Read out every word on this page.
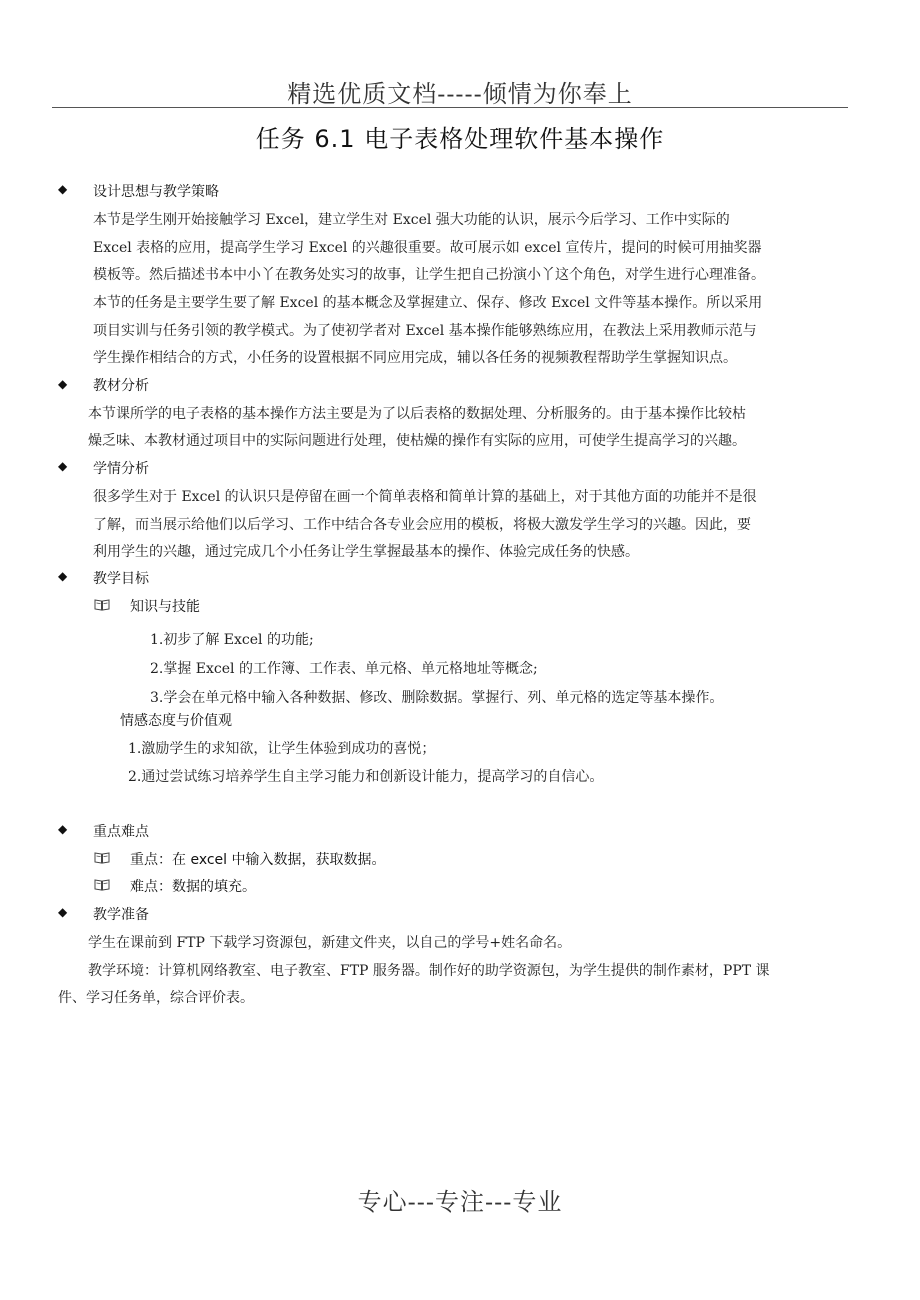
精选优质文档-----倾情为你奉上
任务 6.1 电子表格处理软件基本操作
◆ 设计思想与教学策略
本节是学生刚开始接触学习 Excel，建立学生对 Excel 强大功能的认识，展示今后学习、工作中实际的
Excel 表格的应用，提高学生学习 Excel 的兴趣很重要。故可展示如 excel 宣传片，提问的时候可用抽奖器
模板等。然后描述书本中小丫在教务处实习的故事，让学生把自己扮演小丫这个角色，对学生进行心理准备。
本节的任务是主要学生要了解 Excel 的基本概念及掌握建立、保存、修改 Excel 文件等基本操作。所以采用
项目实训与任务引领的教学模式。为了使初学者对 Excel 基本操作能够熟练应用，在教法上采用教师示范与
学生操作相结合的方式，小任务的设置根据不同应用完成，辅以各任务的视频教程帮助学生掌握知识点。
◆ 教材分析
本节课所学的电子表格的基本操作方法主要是为了以后表格的数据处理、分析服务的。由于基本操作比较枯
燥乏味、本教材通过项目中的实际问题进行处理，使枯燥的操作有实际的应用，可使学生提高学习的兴趣。
◆ 学情分析
很多学生对于 Excel 的认识只是停留在画一个简单表格和简单计算的基础上，对于其他方面的功能并不是很
了解，而当展示给他们以后学习、工作中结合各专业会应用的模板，将极大激发学生学习的兴趣。因此，要
利用学生的兴趣，通过完成几个小任务让学生掌握最基本的操作、体验完成任务的快感。
◆ 教学目标
知识与技能
1.初步了解 Excel 的功能;
2.掌握 Excel 的工作簿、工作表、单元格、单元格地址等概念;
3.学会在单元格中输入各种数据、修改、删除数据。掌握行、列、单元格的选定等基本操作。
情感态度与价值观
1.激励学生的求知欲，让学生体验到成功的喜悦；
2.通过尝试练习培养学生自主学习能力和创新设计能力，提高学习的自信心。
◆ 重点难点
重点：在 excel 中输入数据，获取数据。
难点：数据的填充。
◆ 教学准备
学生在课前到 FTP 下载学习资源包，新建文件夹，以自己的学号+姓名命名。
教学环境：计算机网络教室、电子教室、FTP 服务器。制作好的助学资源包，为学生提供的制作素材，PPT 课
件、学习任务单，综合评价表。
专心---专注---专业
